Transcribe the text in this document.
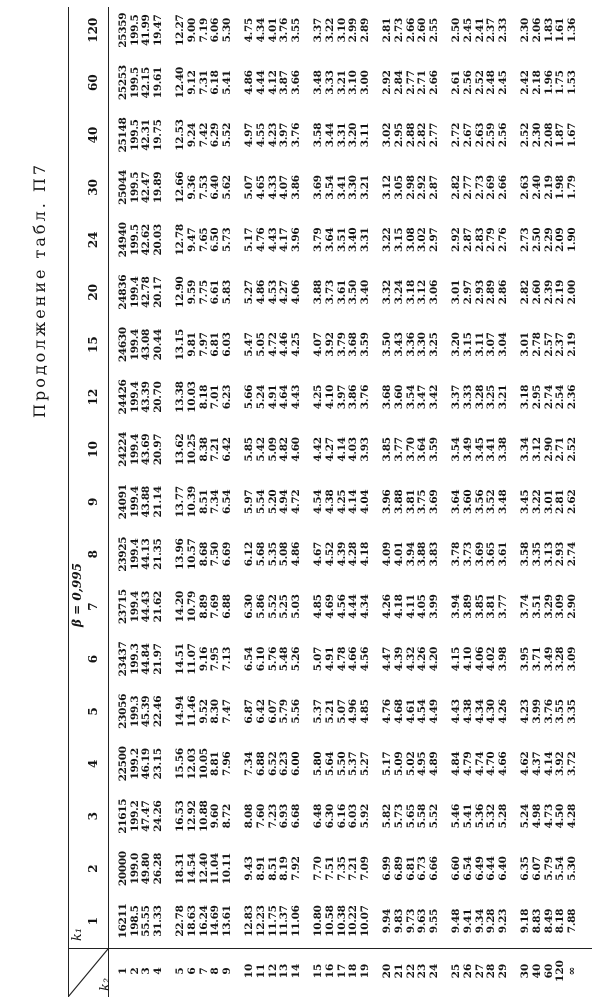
Продолжение табл. П7
k₁
k₂
β = 0,995
1
2
3
4
5
6
7
8
9
10
12
15
20
24
30
40
60
120
1
16211
20000
21615
22500
23056
23437
23715
23925
24091
24224
24426
24630
24836
24940
25044
25148
25253
25359
2
198.5
199.0
199.2
199.2
199.3
199.3
199.4
199.4
199.4
199.4
199.4
199.4
199.4
199.5
199.5
199.5
199.5
199.5
3
55.55
49.80
47.47
46.19
45.39
44.84
44.43
44.13
43.88
43.69
43.39
43.08
42.78
42.62
42.47
42.31
42.15
41.99
4
31.33
26.28
24.26
23.15
22.46
21.97
21.62
21.35
21.14
20.97
20.70
20.44
20.17
20.03
19.89
19.75
19.61
19.47
5
22.78
18.31
16.53
15.56
14.94
14.51
14.20
13.96
13.77
13.62
13.38
13.15
12.90
12.78
12.66
12.53
12.40
12.27
6
18.63
14.54
12.92
12.03
11.46
11.07
10.79
10.57
10.39
10.25
10.03
9.81
9.59
9.47
9.36
9.24
9.12
9.00
7
16.24
12.40
10.88
10.05
9.52
9.16
8.89
8.68
8.51
8.38
8.18
7.97
7.75
7.65
7.53
7.42
7.31
7.19
8
14.69
11.04
9.60
8.81
8.30
7.95
7.69
7.50
7.34
7.21
7.01
6.81
6.61
6.50
6.40
6.29
6.18
6.06
9
13.61
10.11
8.72
7.96
7.47
7.13
6.88
6.69
6.54
6.42
6.23
6.03
5.83
5.73
5.62
5.52
5.41
5.30
10
12.83
9.43
8.08
7.34
6.87
6.54
6.30
6.12
5.97
5.85
5.66
5.47
5.27
5.17
5.07
4.97
4.86
4.75
11
12.23
8.91
7.60
6.88
6.42
6.10
5.86
5.68
5.54
5.42
5.24
5.05
4.86
4.76
4.65
4.55
4.44
4.34
12
11.75
8.51
7.23
6.52
6.07
5.76
5.52
5.35
5.20
5.09
4.91
4.72
4.53
4.43
4.33
4.23
4.12
4.01
13
11.37
8.19
6.93
6.23
5.79
5.48
5.25
5.08
4.94
4.82
4.64
4.46
4.27
4.17
4.07
3.97
3.87
3.76
14
11.06
7.92
6.68
6.00
5.56
5.26
5.03
4.86
4.72
4.60
4.43
4.25
4.06
3.96
3.86
3.76
3.66
3.55
15
10.80
7.70
6.48
5.80
5.37
5.07
4.85
4.67
4.54
4.42
4.25
4.07
3.88
3.79
3.69
3.58
3.48
3.37
16
10.58
7.51
6.30
5.64
5.21
4.91
4.69
4.52
4.38
4.27
4.10
3.92
3.73
3.64
3.54
3.44
3.33
3.22
17
10.38
7.35
6.16
5.50
5.07
4.78
4.56
4.39
4.25
4.14
3.97
3.79
3.61
3.51
3.41
3.31
3.21
3.10
18
10.22
7.21
6.03
5.37
4.96
4.66
4.44
4.28
4.14
4.03
3.86
3.68
3.50
3.40
3.30
3.20
3.10
2.99
19
10.07
7.09
5.92
5.27
4.85
4.56
4.34
4.18
4.04
3.93
3.76
3.59
3.40
3.31
3.21
3.11
3.00
2.89
20
9.94
6.99
5.82
5.17
4.76
4.47
4.26
4.09
3.96
3.85
3.68
3.50
3.32
3.22
3.12
3.02
2.92
2.81
21
9.83
6.89
5.73
5.09
4.68
4.39
4.18
4.01
3.88
3.77
3.60
3.43
3.24
3.15
3.05
2.95
2.84
2.73
22
9.73
6.81
5.65
5.02
4.61
4.32
4.11
3.94
3.81
3.70
3.54
3.36
3.18
3.08
2.98
2.88
2.77
2.66
23
9.63
6.73
5.58
4.95
4.54
4.26
4.05
3.88
3.75
3.64
3.47
3.30
3.12
3.02
2.92
2.82
2.71
2.60
24
9.55
6.66
5.52
4.89
4.49
4.20
3.99
3.83
3.69
3.59
3.42
3.25
3.06
2.97
2.87
2.77
2.66
2.55
25
9.48
6.60
5.46
4.84
4.43
4.15
3.94
3.78
3.64
3.54
3.37
3.20
3.01
2.92
2.82
2.72
2.61
2.50
26
9.41
6.54
5.41
4.79
4.38
4.10
3.89
3.73
3.60
3.49
3.33
3.15
2.97
2.87
2.77
2.67
2.56
2.45
27
9.34
6.49
5.36
4.74
4.34
4.06
3.85
3.69
3.56
3.45
3.28
3.11
2.93
2.83
2.73
2.63
2.52
2.41
28
9.28
6.44
5.32
4.70
4.30
4.02
3.81
3.65
3.52
3.41
3.25
3.07
2.89
2.79
2.69
2.59
2.48
2.37
29
9.23
6.40
5.28
4.66
4.26
3.98
3.77
3.61
3.48
3.38
3.21
3.04
2.86
2.76
2.66
2.56
2.45
2.33
30
9.18
6.35
5.24
4.62
4.23
3.95
3.74
3.58
3.45
3.34
3.18
3.01
2.82
2.73
2.63
2.52
2.42
2.30
40
8.83
6.07
4.98
4.37
3.99
3.71
3.51
3.35
3.22
3.12
2.95
2.78
2.60
2.50
2.40
2.30
2.18
2.06
60
8.49
5.79
4.73
4.14
3.76
3.49
3.29
3.13
3.01
2.90
2.74
2.57
2.39
2.29
2.19
2.08
1.96
1.83
120
8.18
5.54
4.50
3.92
3.55
3.28
3.09
2.93
2.81
2.71
2.54
2.37
2.19
2.09
1.98
1.87
1.75
1.61
∞
7.88
5.30
4.28
3.72
3.35
3.09
2.90
2.74
2.62
2.52
2.36
2.19
2.00
1.90
1.79
1.67
1.53
1.36
